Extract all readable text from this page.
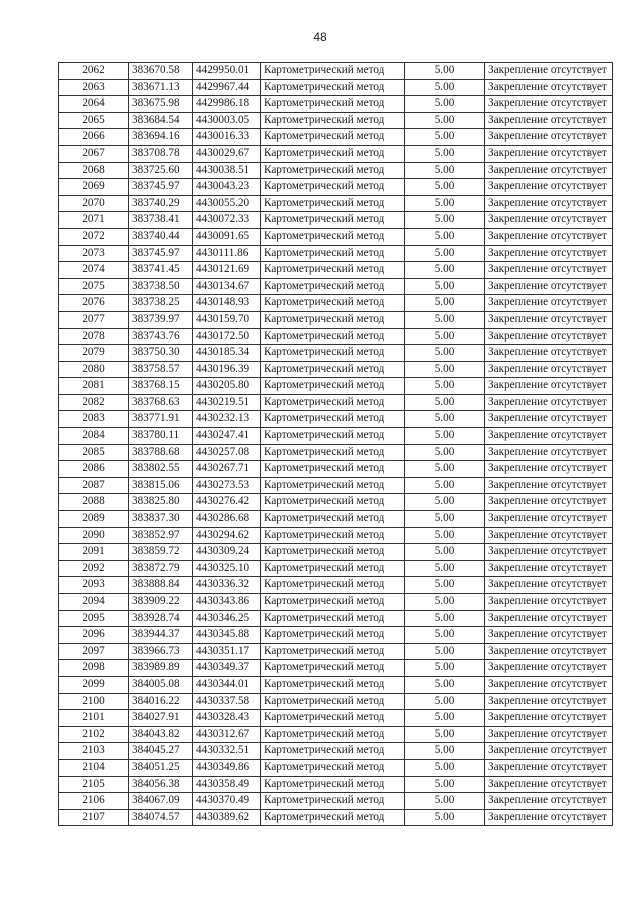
48
2062	383670.58	4429950.01	Картометрический метод	5.00	Закрепление отсутствует
2063	383671.13	4429967.44	Картометрический метод	5.00	Закрепление отсутствует
2064	383675.98	4429986.18	Картометрический метод	5.00	Закрепление отсутствует
2065	383684.54	4430003.05	Картометрический метод	5.00	Закрепление отсутствует
2066	383694.16	4430016.33	Картометрический метод	5.00	Закрепление отсутствует
2067	383708.78	4430029.67	Картометрический метод	5.00	Закрепление отсутствует
2068	383725.60	4430038.51	Картометрический метод	5.00	Закрепление отсутствует
2069	383745.97	4430043.23	Картометрический метод	5.00	Закрепление отсутствует
2070	383740.29	4430055.20	Картометрический метод	5.00	Закрепление отсутствует
2071	383738.41	4430072.33	Картометрический метод	5.00	Закрепление отсутствует
2072	383740.44	4430091.65	Картометрический метод	5.00	Закрепление отсутствует
2073	383745.97	4430111.86	Картометрический метод	5.00	Закрепление отсутствует
2074	383741.45	4430121.69	Картометрический метод	5.00	Закрепление отсутствует
2075	383738.50	4430134.67	Картометрический метод	5.00	Закрепление отсутствует
2076	383738.25	4430148.93	Картометрический метод	5.00	Закрепление отсутствует
2077	383739.97	4430159.70	Картометрический метод	5.00	Закрепление отсутствует
2078	383743.76	4430172.50	Картометрический метод	5.00	Закрепление отсутствует
2079	383750.30	4430185.34	Картометрический метод	5.00	Закрепление отсутствует
2080	383758.57	4430196.39	Картометрический метод	5.00	Закрепление отсутствует
2081	383768.15	4430205.80	Картометрический метод	5.00	Закрепление отсутствует
2082	383768.63	4430219.51	Картометрический метод	5.00	Закрепление отсутствует
2083	383771.91	4430232.13	Картометрический метод	5.00	Закрепление отсутствует
2084	383780.11	4430247.41	Картометрический метод	5.00	Закрепление отсутствует
2085	383788.68	4430257.08	Картометрический метод	5.00	Закрепление отсутствует
2086	383802.55	4430267.71	Картометрический метод	5.00	Закрепление отсутствует
2087	383815.06	4430273.53	Картометрический метод	5.00	Закрепление отсутствует
2088	383825.80	4430276.42	Картометрический метод	5.00	Закрепление отсутствует
2089	383837.30	4430286.68	Картометрический метод	5.00	Закрепление отсутствует
2090	383852.97	4430294.62	Картометрический метод	5.00	Закрепление отсутствует
2091	383859.72	4430309.24	Картометрический метод	5.00	Закрепление отсутствует
2092	383872.79	4430325.10	Картометрический метод	5.00	Закрепление отсутствует
2093	383888.84	4430336.32	Картометрический метод	5.00	Закрепление отсутствует
2094	383909.22	4430343.86	Картометрический метод	5.00	Закрепление отсутствует
2095	383928.74	4430346.25	Картометрический метод	5.00	Закрепление отсутствует
2096	383944.37	4430345.88	Картометрический метод	5.00	Закрепление отсутствует
2097	383966.73	4430351.17	Картометрический метод	5.00	Закрепление отсутствует
2098	383989.89	4430349.37	Картометрический метод	5.00	Закрепление отсутствует
2099	384005.08	4430344.01	Картометрический метод	5.00	Закрепление отсутствует
2100	384016.22	4430337.58	Картометрический метод	5.00	Закрепление отсутствует
2101	384027.91	4430328.43	Картометрический метод	5.00	Закрепление отсутствует
2102	384043.82	4430312.67	Картометрический метод	5.00	Закрепление отсутствует
2103	384045.27	4430332.51	Картометрический метод	5.00	Закрепление отсутствует
2104	384051.25	4430349.86	Картометрический метод	5.00	Закрепление отсутствует
2105	384056.38	4430358.49	Картометрический метод	5.00	Закрепление отсутствует
2106	384067.09	4430370.49	Картометрический метод	5.00	Закрепление отсутствует
2107	384074.57	4430389.62	Картометрический метод	5.00	Закрепление отсутствует
